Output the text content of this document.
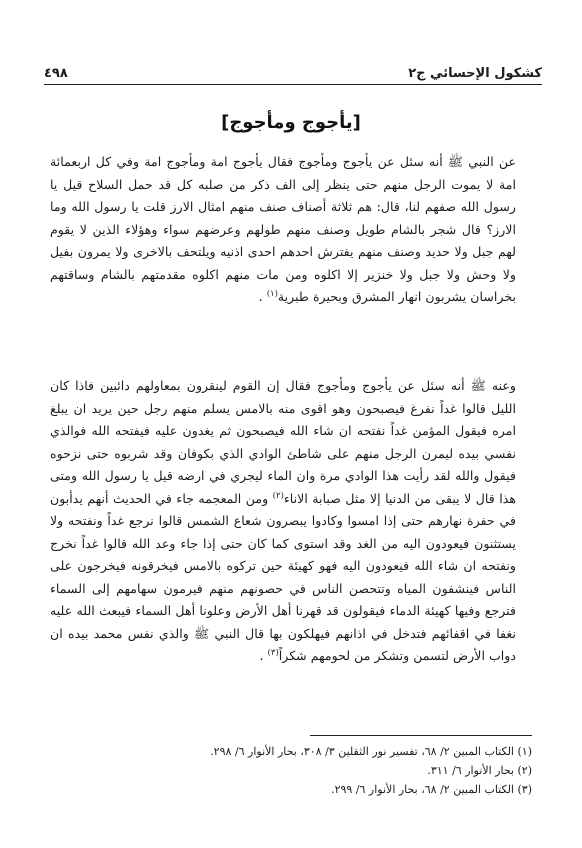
كشكول الإحسائي ج٢
٤٩٨
[يأجوج ومأجوج]

عن النبي ﷺ أنه سئل عن يأجوج ومأجوج فقال يأجوج امة ومأجوج امة وفي كل اربعمائة امة لا يموت الرجل منهم حتى ينظر إلى الف ذكر من صلبه كل قد حمل السلاح قيل يا رسول الله صفهم لنا، قال: هم ثلاثة أصناف صنف منهم امثال الارز قلت يا رسول الله وما الارز؟ قال شجر بالشام طويل وصنف منهم طولهم وعرضهم سواء وهؤلاء الذين لا يقوم لهم جبل ولا حديد وصنف منهم يفترش احدهم احدى اذنيه ويلتحف بالاخرى ولا يمرون بفيل ولا وحش ولا جبل ولا خنزير إلا اكلوه ومن مات منهم اكلوه مقدمتهم بالشام وساقتهم بخراسان يشربون انهار المشرق وبحيرة طبرية$^{(١)}$ .

وعنه ﷺ أنه سئل عن يأجوج ومأجوج فقال إن القوم لينقرون بمعاولهم دائبين فاذا كان الليل قالوا غداً نفرغ فيصبحون وهو اقوى منه بالامس يسلم منهم رجل حين يريد ان يبلغ امره فيقول المؤمن غداً نفتحه ان شاء الله فيصبحون ثم يغدون عليه فيفتحه الله فوالذي نفسي بيده ليمرن الرجل منهم على شاطئ الوادي الذي بكوفان وقد شربوه حتى نزحوه فيقول والله لقد رأيت هذا الوادي مرة وان الماء ليجري في ارضه قيل يا رسول الله ومتى هذا قال لا يبقى من الدنيا إلا مثل صبابة الاناء$^{(٢)}$ ومن المعجمه جاء في الحديث أنهم يدأبون في حفرة نهارهم حتى إذا امسوا وكادوا يبصرون شعاع الشمس قالوا نرجع غداً ونفتحه ولا يستثنون فيعودون اليه من الغد وقد استوى كما كان حتى إذا جاء وعد الله قالوا غداً نخرج ونفتحه ان شاء الله فيعودون اليه فهو كهيئة حين تركوه بالامس فيخرقونه فيخرجون على الناس فينشفون المياه وتتحصن الناس في حصونهم منهم فيرمون سهامهم إلى السماء فترجع وفيها كهيئة الدماء فيقولون قد قهرنا أهل الأرض وعلونا أهل السماء فيبعث الله عليه نغفا في اقفائهم فتدخل في اذانهم فيهلكون بها قال النبي ﷺ والذي نفس محمد بيده ان دواب الأرض لتسمن وتشكر من لحومهم شكراً$^{(٣)}$ .

(١) الكتاب المبين ٢/ ٦٨، تفسير نور الثقلين ٣/ ٣٠٨، بحار الأنوار ٦/ ٢٩٨.
(٢) بحار الأنوار ٦/ ٣١١.
(٣) الكتاب المبين ٢/ ٦٨، بحار الأنوار ٦/ ٢٩٩.
